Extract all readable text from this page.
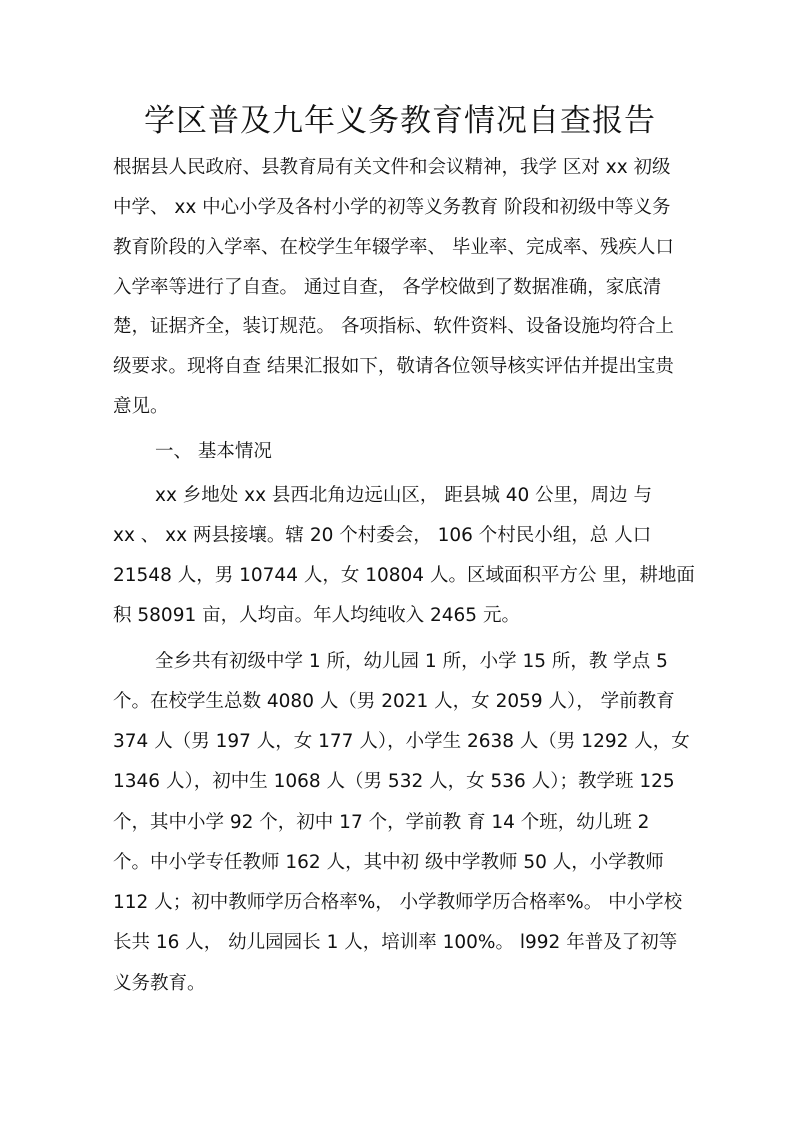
学区普及九年义务教育情况自查报告
根据县人民政府、县教育局有关文件和会议精神，我学 区对 xx 初级
中学、 xx 中心小学及各村小学的初等义务教育 阶段和初级中等义务
教育阶段的入学率、在校学生年辍学率、 毕业率、完成率、残疾人口
入学率等进行了自查。 通过自查， 各学校做到了数据准确，家底清
楚，证据齐全，装订规范。 各项指标、软件资料、设备设施均符合上
级要求。现将自查 结果汇报如下，敬请各位领导核实评估并提出宝贵
意见。
一、 基本情况
xx 乡地处 xx 县西北角边远山区， 距县城 40 公里，周边 与
xx 、 xx 两县接壤。辖 20 个村委会， 106 个村民小组，总 人口
21548 人，男 10744 人，女 10804 人。区域面积平方公 里，耕地面
积 58091 亩，人均亩。年人均纯收入 2465 元。
全乡共有初级中学 1 所，幼儿园 1 所，小学 15 所，教 学点 5
个。在校学生总数 4080 人（男 2021 人，女 2059 人）， 学前教育
374 人（男 197 人，女 177 人），小学生 2638 人（男 1292 人，女
1346 人），初中生 1068 人（男 532 人，女 536 人）；教学班 125
个，其中小学 92 个，初中 17 个，学前教 育 14 个班，幼儿班 2
个。中小学专任教师 162 人，其中初 级中学教师 50 人，小学教师
112 人；初中教师学历合格率%， 小学教师学历合格率%。 中小学校
长共 16 人， 幼儿园园长 1 人，培训率 100%。 l992 年普及了初等
义务教育。
